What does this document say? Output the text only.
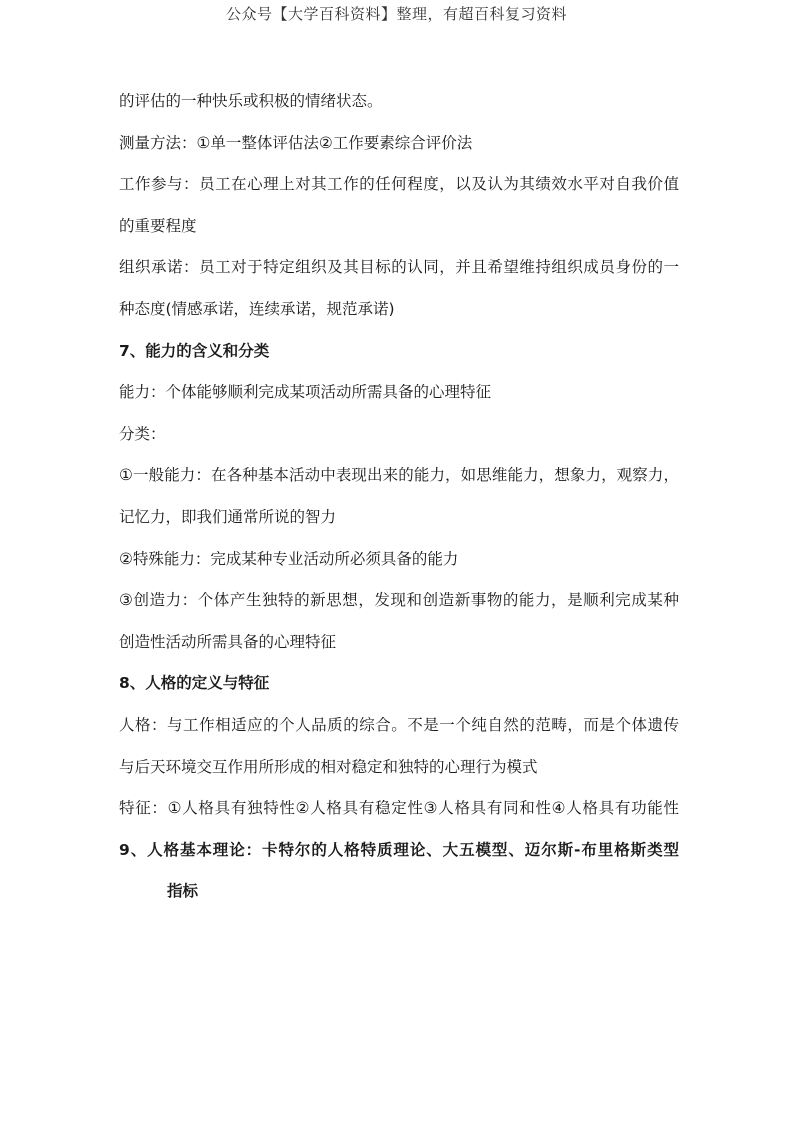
公众号【大学百科资料】整理，有超百科复习资料
的评估的一种快乐或积极的情绪状态。
测量方法：①单一整体评估法②工作要素综合评价法
工作参与：员工在心理上对其工作的任何程度，以及认为其绩效水平对自我价值
的重要程度
组织承诺：员工对于特定组织及其目标的认同，并且希望维持组织成员身份的一
种态度(情感承诺，连续承诺，规范承诺)
7、能力的含义和分类
能力：个体能够顺利完成某项活动所需具备的心理特征
分类：
①一般能力：在各种基本活动中表现出来的能力，如思维能力，想象力，观察力，
记忆力，即我们通常所说的智力
②特殊能力：完成某种专业活动所必须具备的能力
③创造力：个体产生独特的新思想，发现和创造新事物的能力，是顺利完成某种
创造性活动所需具备的心理特征
8、人格的定义与特征
人格：与工作相适应的个人品质的综合。不是一个纯自然的范畴，而是个体遗传
与后天环境交互作用所形成的相对稳定和独特的心理行为模式
特征：①人格具有独特性②人格具有稳定性③人格具有同和性④人格具有功能性
9、人格基本理论：卡特尔的人格特质理论、大五模型、迈尔斯-布里格斯类型
指标
